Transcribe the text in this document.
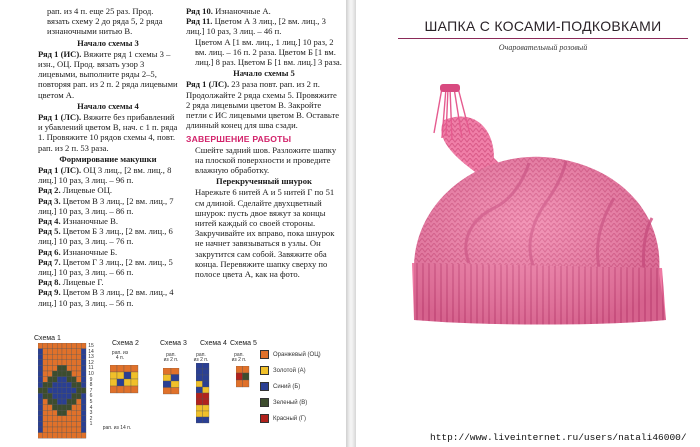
рап. из 4 п. еще 25 раз. Прод. вязать схему 2 до ряда 5, 2 ряда изнаночными нитью В.

Начало схемы 3

Ряд 1 (ИС). Вяжите ряд 1 схемы 3 – изн., ОЦ. Прод. вязать узор 3 лицевыми, выполните ряды 2–5, повторяя рап. из 2 п. 2 ряда лицевыми цветом А.

Начало схемы 4

Ряд 1 (ЛС). Вяжите без прибавлений и убавлений цветом В, нач. с 1 п. ряда 1. Провяжите 10 рядов схемы 4, повт. рап. из 2 п. 53 раза.

Формирование макушки

Ряд 1 (ЛС). ОЦ 3 лиц., [2 вм. лиц., 8 лиц.] 10 раз, 3 лиц. – 96 п.

Ряд 2. Лицевые ОЦ.

Ряд 3. Цветом В 3 лиц., [2 вм. лиц., 7 лиц.] 10 раз, 3 лиц. – 86 п.

Ряд 4. Изнаночные В.

Ряд 5. Цветом Б 3 лиц., [2 вм. лиц., 6 лиц.] 10 раз, 3 лиц. – 76 п.

Ряд 6. Изнаночные Б.

Ряд 7. Цветом Г 3 лиц., [2 вм. лиц., 5 лиц.] 10 раз, 3 лиц. – 66 п.

Ряд 8. Лицевые Г.

Ряд 9. Цветом В 3 лиц., [2 вм. лиц., 4 лиц.] 10 раз, 3 лиц. – 56 п.

Ряд 10. Изнаночные А.

Ряд 11. Цветом А 3 лиц., [2 вм. лиц., 3 лиц.] 10 раз, 3 лиц. – 46 п.

Цветом А [1 вм. лиц., 1 лиц.] 10 раз, 2 вм. лиц. – 16 п. 2 раза. Цветом Б [1 вм. лиц.] 8 раз. Цветом Б [1 вм. лиц.] 3 раза.

Начало схемы 5

Ряд 1 (ЛС). 23 раза повт. рап. из 2 п. Продолжайте 2 ряда схемы 5. Провяжите 2 ряда лицевыми цветом В. Закройте петли с ИС лицевыми цветом В. Оставьте длинный конец для шва сзади.

ЗАВЕРШЕНИЕ РАБОТЫ

Сшейте задний шов. Разложите шапку на плоской поверхности и проведите влажную обработку.

Перекрученный шнурок

Нарежьте 6 нитей А и 5 нитей Г по 51 см длиной. Сделайте двухцветный шнурок: пусть двое вяжут за концы нитей каждый со своей стороны. Закручивайте их вправо, пока шнурок не начнет завязываться в узлы. Он закрутится сам собой. Завяжите оба конца. Перевяжите шапку сверху по полосе цвета А, как на фото.

Схема 1
15
14
13
12
11
10
9
8
7
6
5
4
3
2
1
рап. из 14 п.
Схема 2
рап. из 4 п.
Схема 3
рап. из 2 п.
Схема 4
рап. из 2 п.
Схема 5
рап. из 2 п.
Оранжевый (ОЦ)
Золотой (А)
Синий (Б)
Зеленый (В)
Красный (Г)
ШАПКА С КОСАМИ-ПОДКОВКАМИ
Очаровательный розовый
http://www.liveinternet.ru/users/natali46000/
